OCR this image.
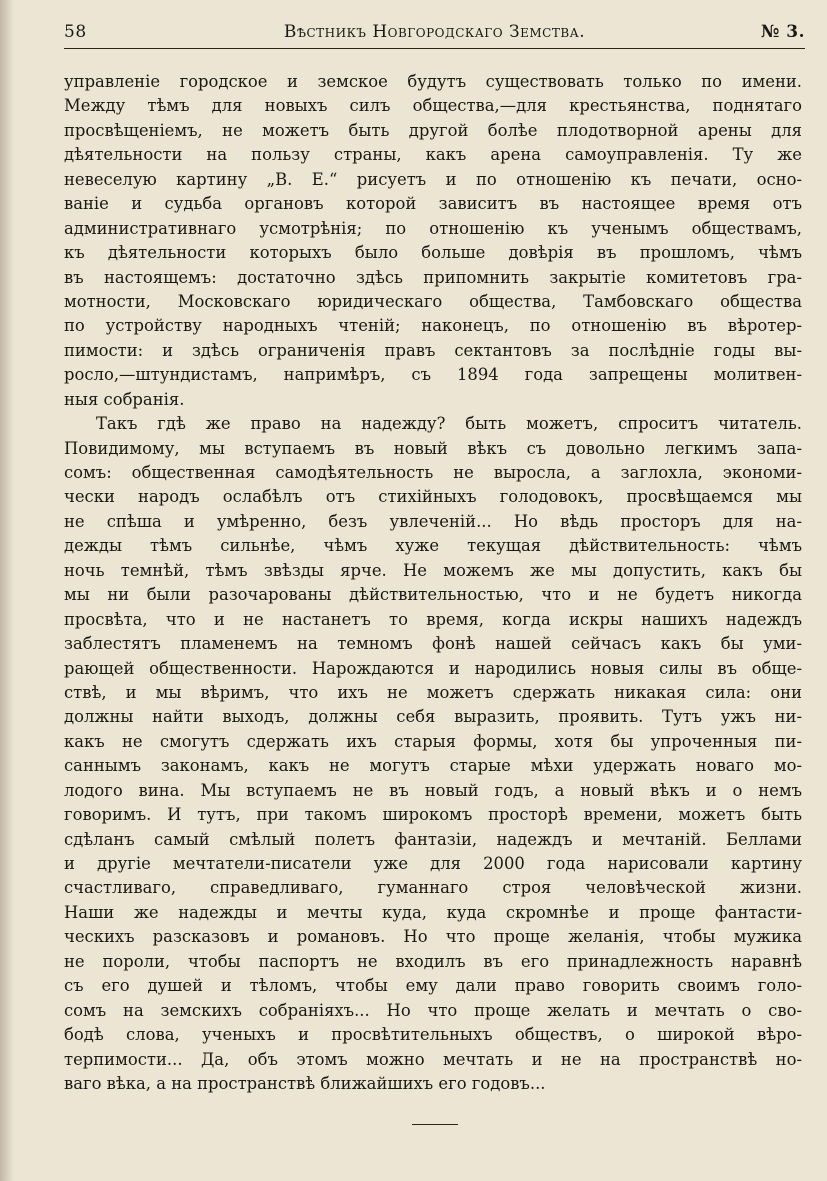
58	Вѣстникъ Новгородскаго Земства.	№ 3.
управленіе городское и земское будутъ существовать только по имени.
Между тѣмъ для новыхъ силъ общества,—для крестьянства, поднятаго
просвѣщеніемъ, не можетъ быть другой болѣе плодотворной арены для
дѣятельности на пользу страны, какъ арена самоуправленія. Ту же
невеселую картину „В. Е.“ рисуетъ и по отношенію къ печати, осно-
ваніе и судьба органовъ которой зависитъ въ настоящее время отъ
административнаго усмотрѣнія; по отношенію къ ученымъ обществамъ,
къ дѣятельности которыхъ было больше довѣрія въ прошломъ, чѣмъ
въ настоящемъ: достаточно здѣсь припомнить закрытіе комитетовъ гра-
мотности, Московскаго юридическаго общества, Тамбовскаго общества
по устройству народныхъ чтеній; наконецъ, по отношенію въ вѣротер-
пимости: и здѣсь ограниченія правъ сектантовъ за послѣдніе годы вы-
росло,—штундистамъ, напримѣръ, съ 1894 года запрещены молитвен-
ныя собранія.
Такъ гдѣ же право на надежду? быть можетъ, спроситъ читатель.
Повидимому, мы вступаемъ въ новый вѣкъ съ довольно легкимъ запа-
сомъ: общественная самодѣятельность не выросла, а заглохла, экономи-
чески народъ ослабѣлъ отъ стихійныхъ голодовокъ, просвѣщаемся мы
не спѣша и умѣренно, безъ увлеченій... Но вѣдь просторъ для на-
дежды тѣмъ сильнѣе, чѣмъ хуже текущая дѣйствительность: чѣмъ
ночь темнѣй, тѣмъ звѣзды ярче. Не можемъ же мы допустить, какъ бы
мы ни были разочарованы дѣйствительностью, что и не будетъ никогда
просвѣта, что и не настанетъ то время, когда искры нашихъ надеждъ
заблестятъ пламенемъ на темномъ фонѣ нашей сейчасъ какъ бы уми-
рающей общественности. Нарождаются и народились новыя силы въ обще-
ствѣ, и мы вѣримъ, что ихъ не можетъ сдержать никакая сила: они
должны найти выходъ, должны себя выразить, проявить. Тутъ ужъ ни-
какъ не смогутъ сдержать ихъ старыя формы, хотя бы упроченныя пи-
саннымъ законамъ, какъ не могутъ старые мѣхи удержать новаго мо-
лодого вина. Мы вступаемъ не въ новый годъ, а новый вѣкъ и о немъ
говоримъ. И тутъ, при такомъ широкомъ просторѣ времени, можетъ быть
сдѣланъ самый смѣлый полетъ фантазіи, надеждъ и мечтаній. Беллами
и другіе мечтатели-писатели уже для 2000 года нарисовали картину
счастливаго, справедливаго, гуманнаго строя человѣческой жизни.
Наши же надежды и мечты куда, куда скромнѣе и проще фантасти-
ческихъ разсказовъ и романовъ. Но что проще желанія, чтобы мужика
не пороли, чтобы паспортъ не входилъ въ его принадлежность наравнѣ
съ его душей и тѣломъ, чтобы ему дали право говорить своимъ голо-
сомъ на земскихъ собраніяхъ... Но что проще желать и мечтать о сво-
бодѣ слова, ученыхъ и просвѣтительныхъ обществъ, о широкой вѣро-
терпимости... Да, объ этомъ можно мечтать и не на пространствѣ но-
ваго вѣка, а на пространствѣ ближайшихъ его годовъ...
